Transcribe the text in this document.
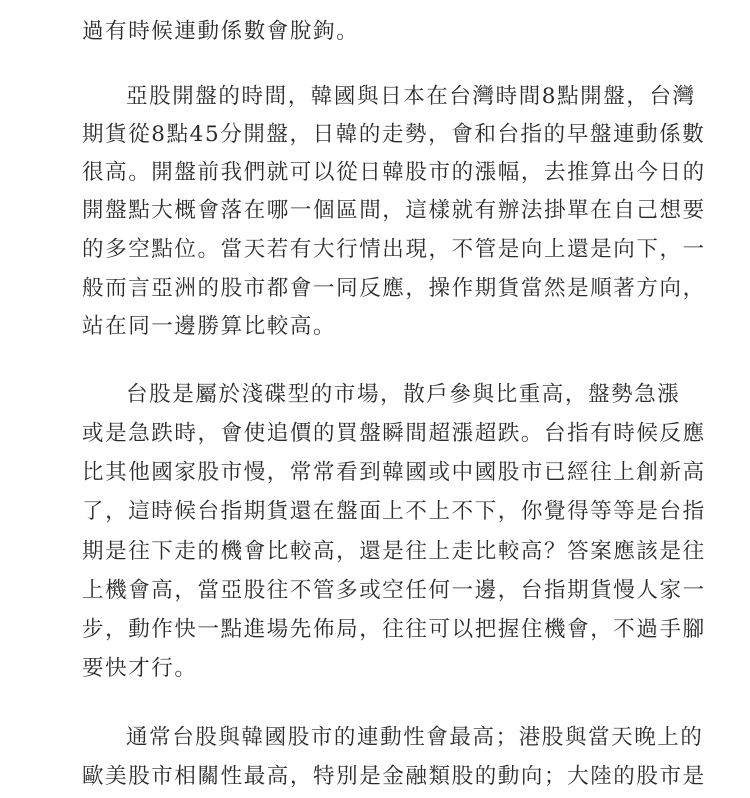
過有時候連動係數會脫鉤。
亞股開盤的時間，韓國與日本在台灣時間8點開盤，台灣
期貨從8點45分開盤，日韓的走勢，會和台指的早盤連動係數
很高。開盤前我們就可以從日韓股市的漲幅，去推算出今日的
開盤點大概會落在哪一個區間，這樣就有辦法掛單在自己想要
的多空點位。當天若有大行情出現，不管是向上還是向下，一
般而言亞洲的股市都會一同反應，操作期貨當然是順著方向，
站在同一邊勝算比較高。
台股是屬於淺碟型的市場，散戶參與比重高，盤勢急漲
或是急跌時，會使追價的買盤瞬間超漲超跌。台指有時候反應
比其他國家股市慢，常常看到韓國或中國股市已經往上創新高
了，這時候台指期貨還在盤面上不上不下，你覺得等等是台指
期是往下走的機會比較高，還是往上走比較高？答案應該是往
上機會高，當亞股往不管多或空任何一邊，台指期貨慢人家一
步，動作快一點進場先佈局，往往可以把握住機會，不過手腳
要快才行。
通常台股與韓國股市的連動性會最高；港股與當天晚上的
歐美股市相關性最高，特別是金融類股的動向；大陸的股市是
